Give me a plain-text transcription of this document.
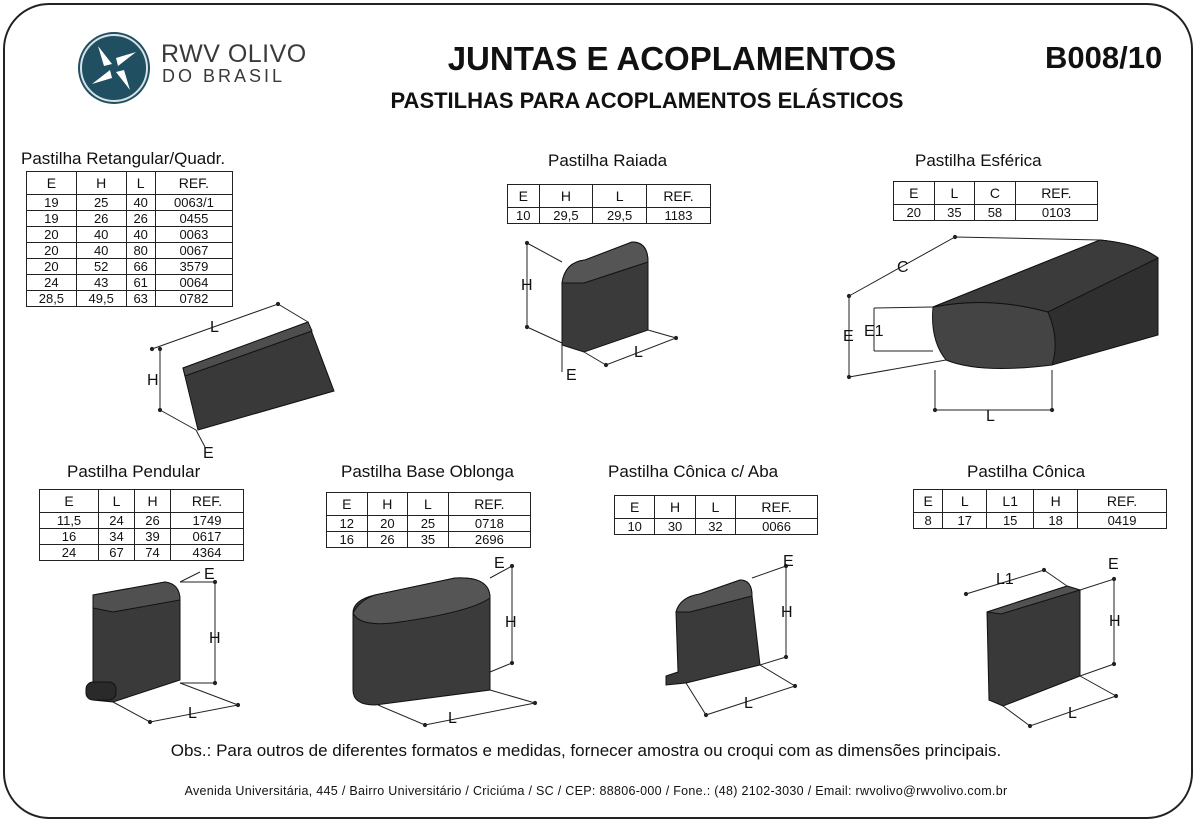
RWV OLIVO
DO BRASIL	JUNTAS E ACOPLAMENTOS	B008/10
PASTILHAS PARA ACOPLAMENTOS ELÁSTICOS
Pastilha Retangular/Quadr.	Pastilha Raiada	Pastilha Esférica
Pastilha Pendular	Pastilha Base Oblonga	Pastilha Cônica c/ Aba	Pastilha Cônica
E	H	L	REF.
19	25	40	0063/1
19	26	26	0455
20	40	40	0063
20	40	80	0067
20	52	66	3579
24	43	61	0064
28,5	49,5	63	0782
E	H	L	REF.
10	29,5	29,5	1183
E	L	C	REF.
20	35	58	0103
E	L	H	REF.
11,5	24	26	1749
16	34	39	0617
24	67	74	4364
E	H	L	REF.
12	20	25	0718
16	26	35	2696
E	H	L	REF.
10	30	32	0066
E	L	L1	H	REF.
8	17	15	18	0419
L
H
E
H
L
E
C
E E1
L
E
H
L
E
H
L
E
H
L
L1
E
H
L
Obs.: Para outros de diferentes formatos e medidas, fornecer amostra ou croqui com as dimensões principais.
Avenida Universitária, 445 / Bairro Universitário / Criciúma / SC / CEP: 88806-000 / Fone.: (48) 2102-3030 / Email: rwvolivo@rwvolivo.com.br
